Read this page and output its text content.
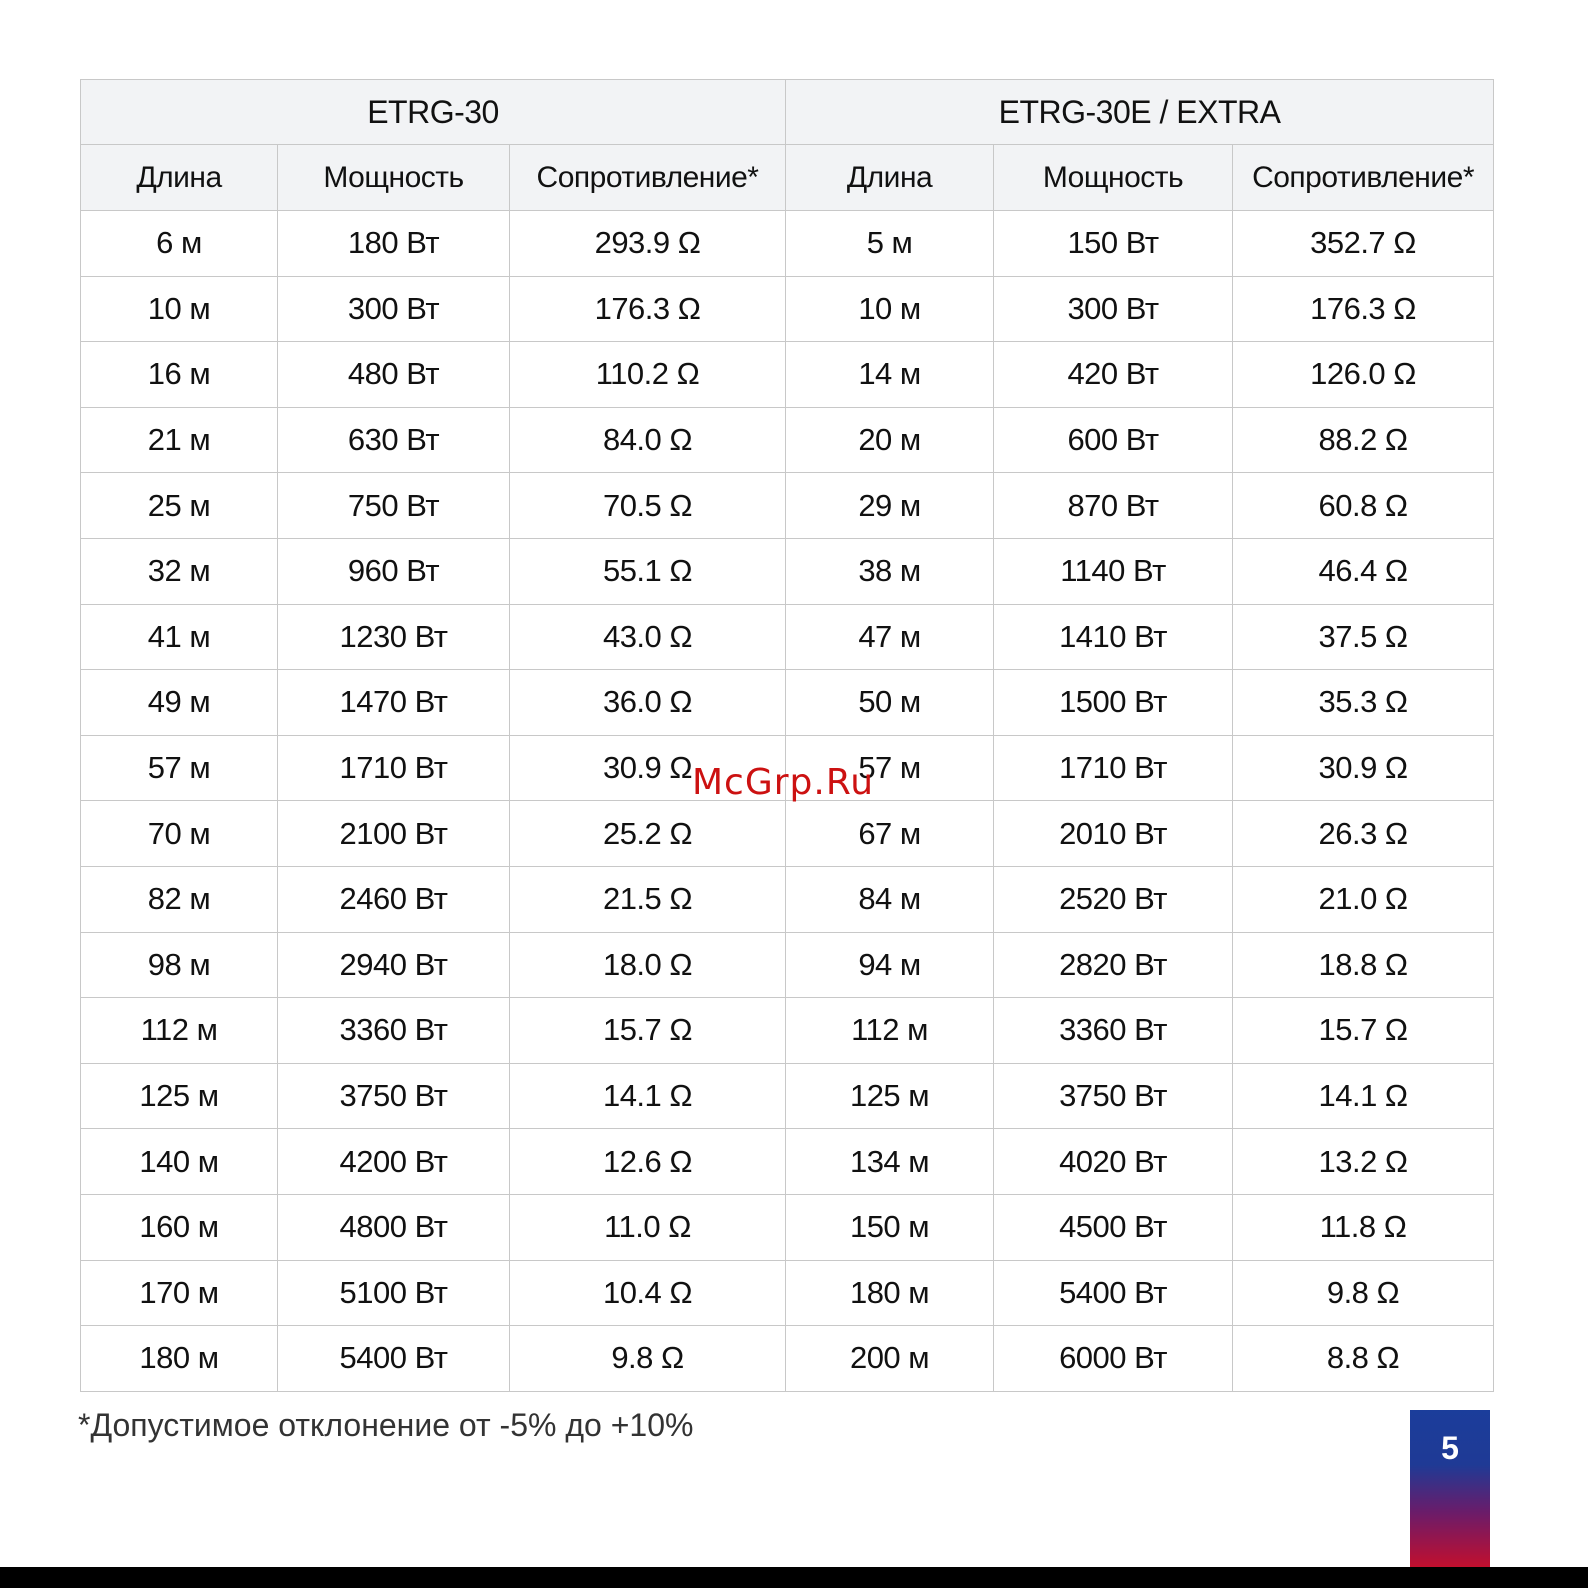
ETRG-30			ETRG-30E / EXTRA		
Длина	Мощность	Сопротивление*	Длина	Мощность	Сопротивление*
6 м	180 Вт	293.9 Ω	5 м	150 Вт	352.7 Ω
10 м	300 Вт	176.3 Ω	10 м	300 Вт	176.3 Ω
16 м	480 Вт	110.2 Ω	14 м	420 Вт	126.0 Ω
21 м	630 Вт	84.0 Ω	20 м	600 Вт	88.2 Ω
25 м	750 Вт	70.5 Ω	29 м	870 Вт	60.8 Ω
32 м	960 Вт	55.1 Ω	38 м	1140 Вт	46.4 Ω
41 м	1230 Вт	43.0 Ω	47 м	1410 Вт	37.5 Ω
49 м	1470 Вт	36.0 Ω	50 м	1500 Вт	35.3 Ω
57 м	1710 Вт	30.9 Ω	57 м	1710 Вт	30.9 Ω
70 м	2100 Вт	25.2 Ω	67 м	2010 Вт	26.3 Ω
82 м	2460 Вт	21.5 Ω	84 м	2520 Вт	21.0 Ω
98 м	2940 Вт	18.0 Ω	94 м	2820 Вт	18.8 Ω
112 м	3360 Вт	15.7 Ω	112 м	3360 Вт	15.7 Ω
125 м	3750 Вт	14.1 Ω	125 м	3750 Вт	14.1 Ω
140 м	4200 Вт	12.6 Ω	134 м	4020 Вт	13.2 Ω
160 м	4800 Вт	11.0 Ω	150 м	4500 Вт	11.8 Ω
170 м	5100 Вт	10.4 Ω	180 м	5400 Вт	9.8 Ω
180 м	5400 Вт	9.8 Ω	200 м	6000 Вт	8.8 Ω
McGrp.Ru
*Допустимое отклонение от -5% до +10%
5
